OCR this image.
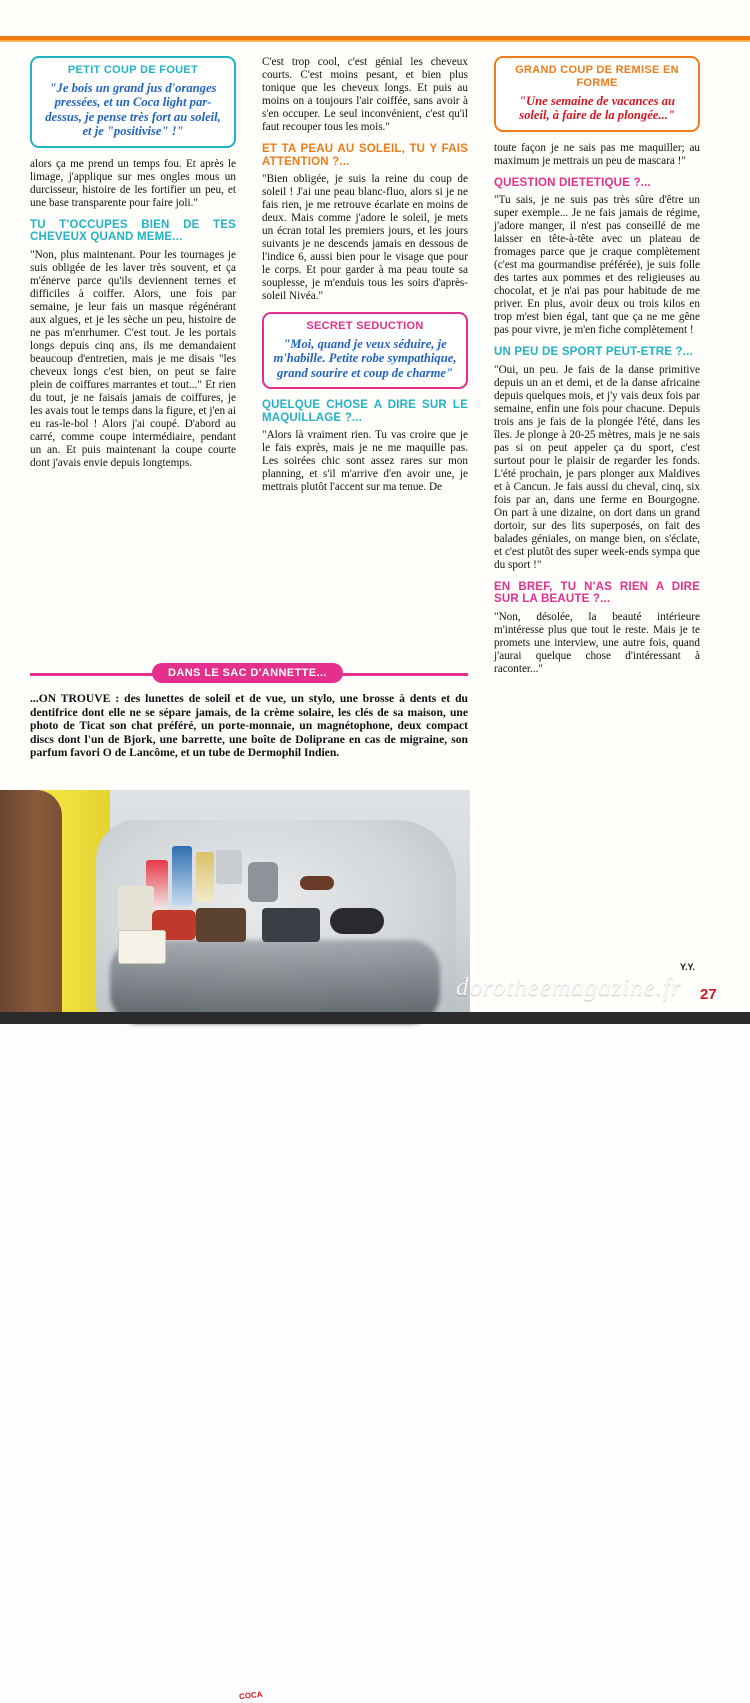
PETIT COUP DE FOUET
"Je bois un grand jus d'oranges pressées, et un Coca light par-dessus, je pense très fort au soleil, et je "positivise" !"

alors ça me prend un temps fou. Et après le limage, j'applique sur mes ongles mous un durcisseur, histoire de les fortifier un peu, et une base transparente pour faire joli."

TU T'OCCUPES BIEN DE TES CHEVEUX QUAND MEME...

"Non, plus maintenant. Pour les tournages je suis obligée de les laver très souvent, et ça m'énerve parce qu'ils deviennent ternes et difficiles à coiffer. Alors, une fois par semaine, je leur fais un masque régénérant aux algues, et je les sèche un peu, histoire de ne pas m'enrhumer. C'est tout. Je les portais longs depuis cinq ans, ils me demandaient beaucoup d'entretien, mais je me disais "les cheveux longs c'est bien, on peut se faire plein de coiffures marrantes et tout..." Et rien du tout, je ne faisais jamais de coiffures, je les avais tout le temps dans la figure, et j'en ai eu ras-le-bol ! Alors j'ai coupé. D'abord au carré, comme coupe intermédiaire, pendant un an. Et puis maintenant la coupe courte dont j'avais envie depuis longtemps.

C'est trop cool, c'est génial les cheveux courts. C'est moins pesant, et bien plus tonique que les cheveux longs. Et puis au moins on a toujours l'air coiffée, sans avoir à s'en occuper. Le seul inconvénient, c'est qu'il faut recouper tous les mois."

ET TA PEAU AU SOLEIL, TU Y FAIS ATTENTION ?...

"Bien obligée, je suis la reine du coup de soleil ! J'ai une peau blanc-fluo, alors si je ne fais rien, je me retrouve écarlate en moins de deux. Mais comme j'adore le soleil, je mets un écran total les premiers jours, et les jours suivants je ne descends jamais en dessous de l'indice 6, aussi bien pour le visage que pour le corps. Et pour garder à ma peau toute sa souplesse, je m'enduis tous les soirs d'après-soleil Nivéa."

SECRET SEDUCTION
"Moi, quand je veux séduire, je m'habille. Petite robe sympathique, grand sourire et coup de charme"
QUELQUE CHOSE A DIRE SUR LE MAQUILLAGE ?...

"Alors là vraiment rien. Tu vas croire que je le fais exprès, mais je ne me maquille pas. Les soirées chic sont assez rares sur mon planning, et s'il m'arrive d'en avoir une, je mettrais plutôt l'accent sur ma tenue. De

GRAND COUP DE REMISE EN FORME
"Une semaine de vacances au soleil, à faire de la plongée..."

toute façon je ne sais pas me maquiller; au maximum je mettrais un peu de mascara !"

QUESTION DIETETIQUE ?...

"Tu sais, je ne suis pas très sûre d'être un super exemple... Je ne fais jamais de régime, j'adore manger, il n'est pas conseillé de me laisser en tête-à-tête avec un plateau de fromages parce que je craque complètement (c'est ma gourmandise préférée), je suis folle des tartes aux pommes et des religieuses au chocolat, et je n'ai pas pour habitude de me priver. En plus, avoir deux ou trois kilos en trop m'est bien égal, tant que ça ne me gêne pas pour vivre, je m'en fiche complètement !

UN PEU DE SPORT PEUT-ETRE ?...

"Oui, un peu. Je fais de la danse primitive depuis un an et demi, et de la danse africaine depuis quelques mois, et j'y vais deux fois par semaine, enfin une fois pour chacune. Depuis trois ans je fais de la plongée l'été, dans les îles. Je plonge à 20-25 mètres, mais je ne sais pas si on peut appeler ça du sport, c'est surtout pour le plaisir de regarder les fonds. L'été prochain, je pars plonger aux Maldives et à Cancun. Je fais aussi du cheval, cinq, six fois par an, dans une ferme en Bourgogne. On part à une dizaine, on dort dans un grand dortoir, sur des lits superposés, on fait des balades géniales, on mange bien, on s'éclate, et c'est plutôt des super week-ends sympa que du sport !"

EN BREF, TU N'AS RIEN A DIRE SUR LA BEAUTE ?...

"Non, désolée, la beauté intérieure m'intéresse plus que tout le reste. Mais je te promets une interview, une autre fois, quand j'aurai quelque chose d'intéressant à raconter..."

DANS LE SAC D'ANNETTE...
...ON TROUVE : des lunettes de soleil et de vue, un stylo, une brosse à dents et du dentifrice dont elle ne se sépare jamais, de la crème solaire, les clés de sa maison, une photo de Ticat son chat préféré, un porte-monnaie, un magnétophone, deux compact discs dont l'un de Bjork, une barrette, une boîte de Doliprane en cas de migraine, son parfum favori O de Lancôme, et un tube de Dermophil Indien.
COCA
dorotheemagazine.fr
Y.Y.
27
